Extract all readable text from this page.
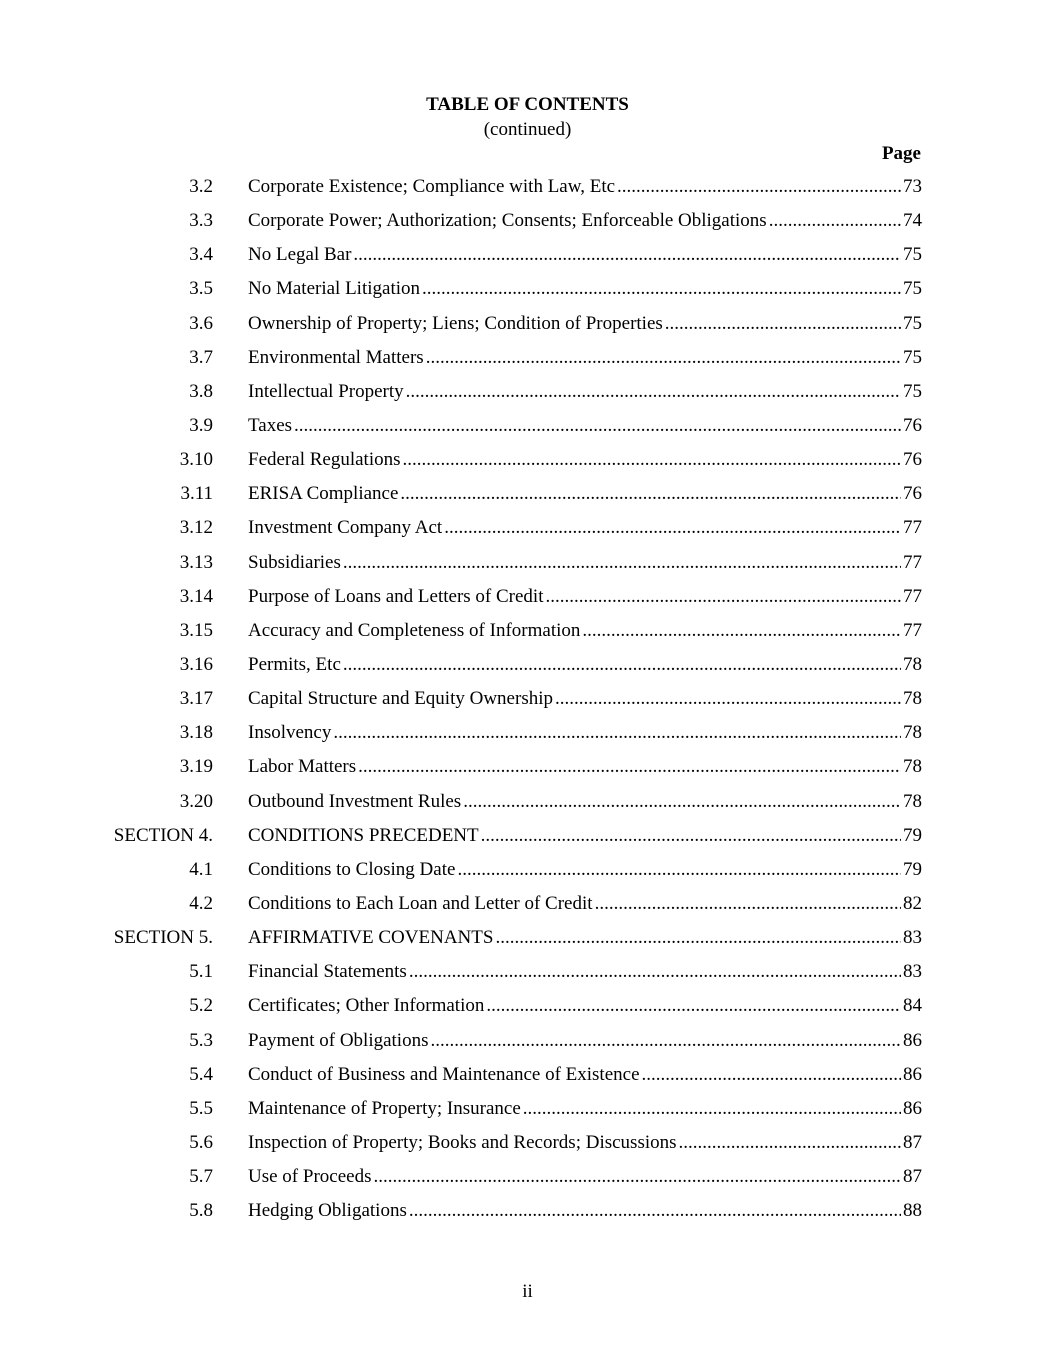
TABLE OF CONTENTS
(continued)
Page
3.2 Corporate Existence; Compliance with Law, Etc .....	73
3.3 Corporate Power; Authorization; Consents; Enforceable Obligations .....	74
3.4 No Legal Bar .....	75
3.5 No Material Litigation .....	75
3.6 Ownership of Property; Liens; Condition of Properties .....	75
3.7 Environmental Matters .....	75
3.8 Intellectual Property .....	75
3.9 Taxes .....	76
3.10 Federal Regulations .....	76
3.11 ERISA Compliance .....	76
3.12 Investment Company Act .....	77
3.13 Subsidiaries .....	77
3.14 Purpose of Loans and Letters of Credit .....	77
3.15 Accuracy and Completeness of Information .....	77
3.16 Permits, Etc .....	78
3.17 Capital Structure and Equity Ownership .....	78
3.18 Insolvency .....	78
3.19 Labor Matters .....	78
3.20 Outbound Investment Rules .....	78
SECTION 4. CONDITIONS PRECEDENT .....	79
4.1 Conditions to Closing Date .....	79
4.2 Conditions to Each Loan and Letter of Credit .....	82
SECTION 5. AFFIRMATIVE COVENANTS .....	83
5.1 Financial Statements .....	83
5.2 Certificates; Other Information .....	84
5.3 Payment of Obligations .....	86
5.4 Conduct of Business and Maintenance of Existence .....	86
5.5 Maintenance of Property; Insurance .....	86
5.6 Inspection of Property; Books and Records; Discussions .....	87
5.7 Use of Proceeds .....	87
5.8 Hedging Obligations .....	88
ii
